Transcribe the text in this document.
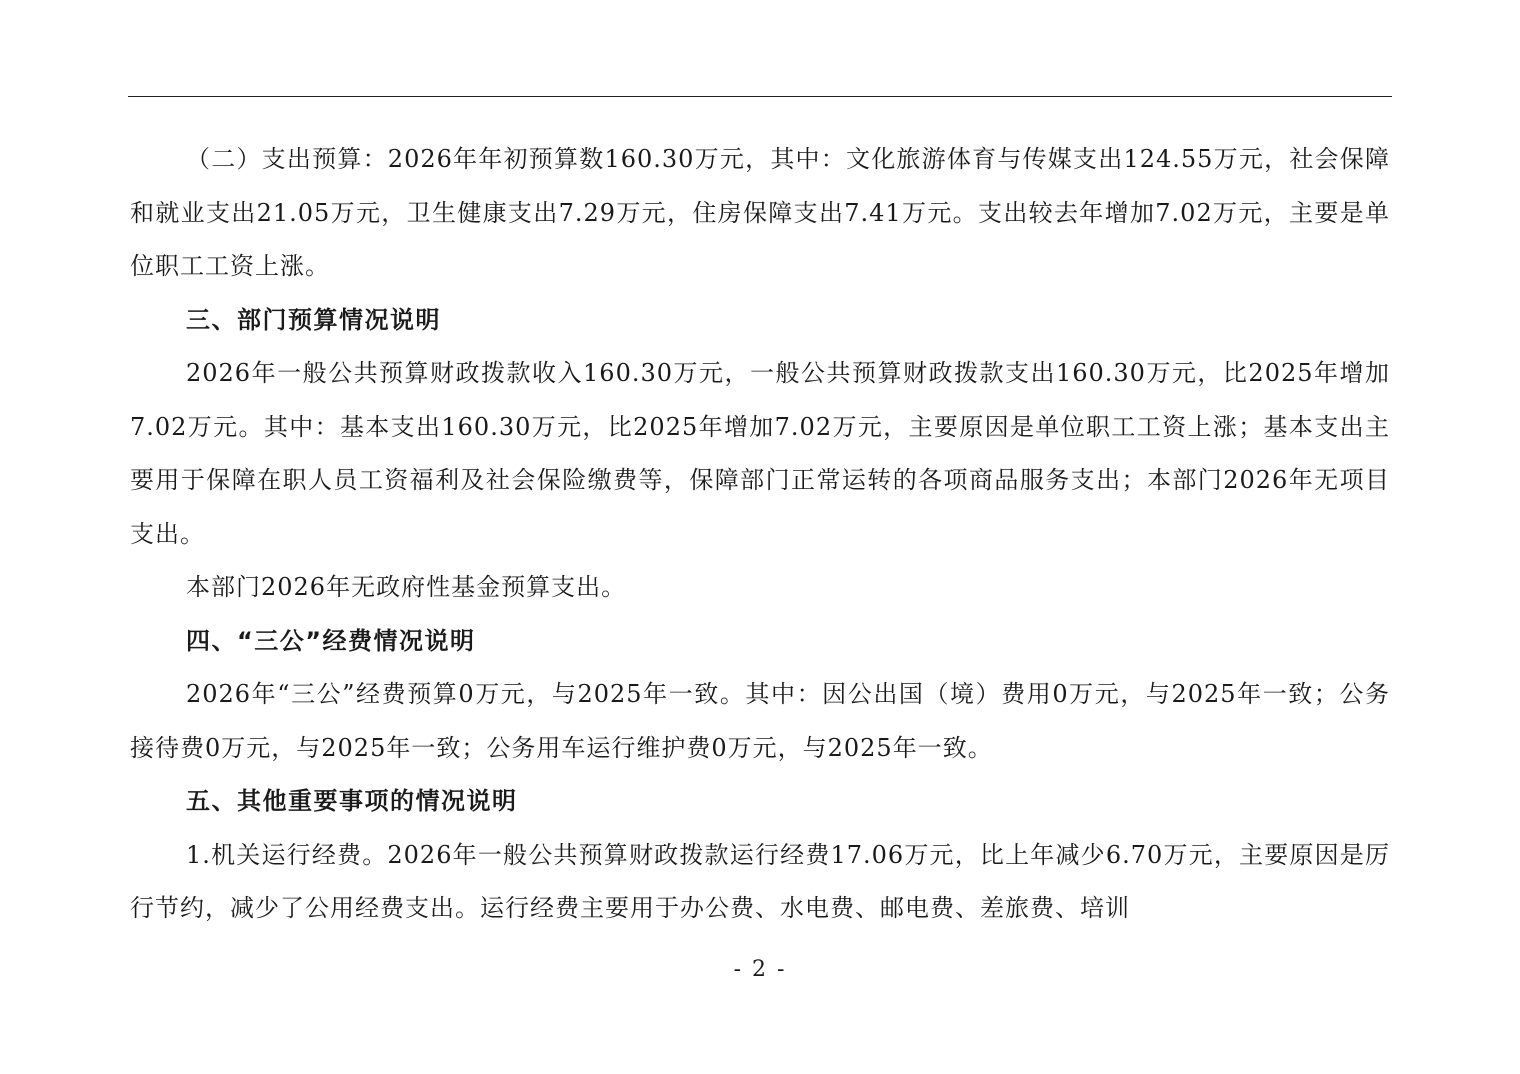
（二）支出预算：2026年年初预算数160.30万元，其中：文化旅游体育与传媒支出124.55万元，社会保障和就业支出21.05万元，卫生健康支出7.29万元，住房保障支出7.41万元。支出较去年增加7.02万元，主要是单位职工工资上涨。

三、部门预算情况说明

2026年一般公共预算财政拨款收入160.30万元，一般公共预算财政拨款支出160.30万元，比2025年增加7.02万元。其中：基本支出160.30万元，比2025年增加7.02万元，主要原因是单位职工工资上涨；基本支出主要用于保障在职人员工资福利及社会保险缴费等，保障部门正常运转的各项商品服务支出；本部门2026年无项目支出。

本部门2026年无政府性基金预算支出。

四、“三公”经费情况说明

2026年“三公”经费预算0万元，与2025年一致。其中：因公出国（境）费用0万元，与2025年一致；公务接待费0万元，与2025年一致；公务用车运行维护费0万元，与2025年一致。

五、其他重要事项的情况说明

1.机关运行经费。2026年一般公共预算财政拨款运行经费17.06万元，比上年减少6.70万元，主要原因是厉行节约，减少了公用经费支出。运行经费主要用于办公费、水电费、邮电费、差旅费、培训

- 2 -
